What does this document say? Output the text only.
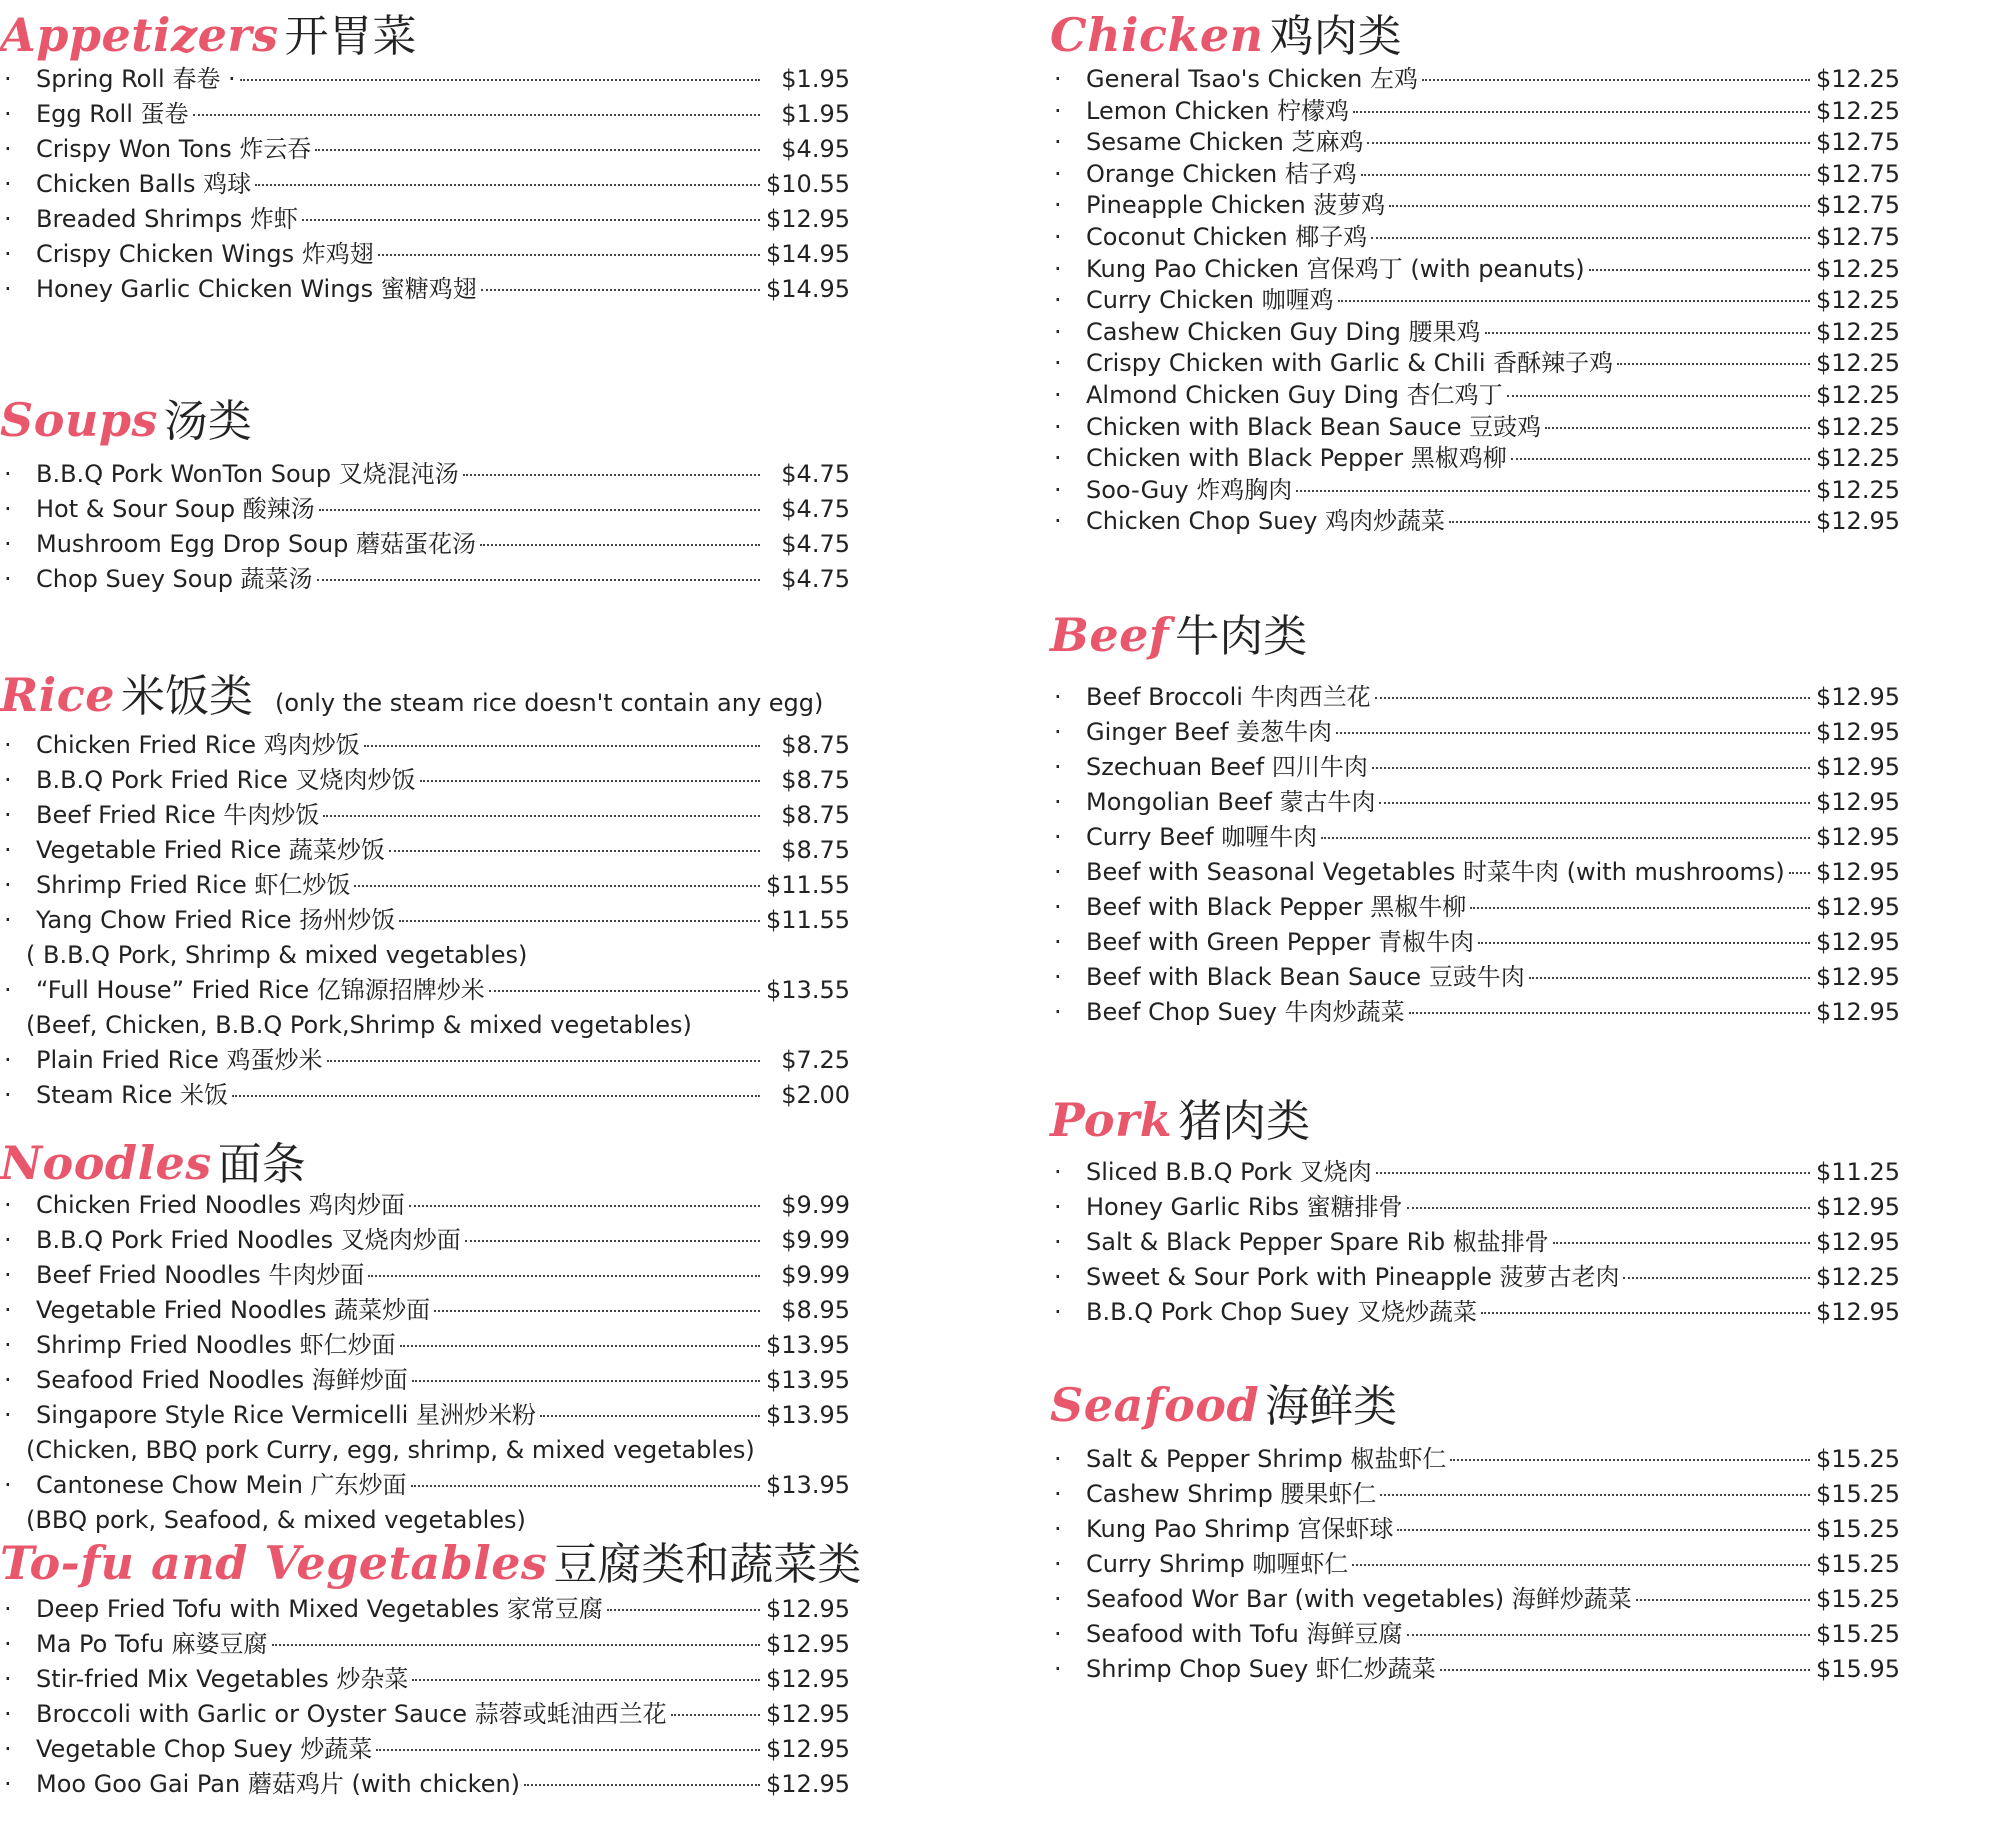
Appetizers 开胃菜
·	Spring Roll 春卷 ·	$1.95
·	Egg Roll 蛋卷	$1.95
·	Crispy Won Tons 炸云吞	$4.95
·	Chicken Balls 鸡球	$10.55
·	Breaded Shrimps 炸虾	$12.95
·	Crispy Chicken Wings 炸鸡翅	$14.95
·	Honey Garlic Chicken Wings 蜜糖鸡翅	$14.95
Soups 汤类
·	B.B.Q Pork WonTon Soup 叉烧混沌汤	$4.75
·	Hot & Sour Soup 酸辣汤	$4.75
·	Mushroom Egg Drop Soup 蘑菇蛋花汤	$4.75
·	Chop Suey Soup 蔬菜汤	$4.75
Rice 米饭类 (only the steam rice doesn't contain any egg)
·	Chicken Fried Rice 鸡肉炒饭	$8.75
·	B.B.Q Pork Fried Rice 叉烧肉炒饭	$8.75
·	Beef Fried Rice 牛肉炒饭	$8.75
·	Vegetable Fried Rice 蔬菜炒饭	$8.75
·	Shrimp Fried Rice 虾仁炒饭	$11.55
·	Yang Chow Fried Rice 扬州炒饭	$11.55
( B.B.Q Pork, Shrimp & mixed vegetables)
·	“Full House” Fried Rice 亿锦源招牌炒米	$13.55
(Beef, Chicken, B.B.Q Pork,Shrimp & mixed vegetables)
·	Plain Fried Rice 鸡蛋炒米	$7.25
·	Steam Rice 米饭	$2.00
Noodles 面条
·	Chicken Fried Noodles 鸡肉炒面	$9.99
·	B.B.Q Pork Fried Noodles 叉烧肉炒面	$9.99
·	Beef Fried Noodles 牛肉炒面	$9.99
·	Vegetable Fried Noodles 蔬菜炒面	$8.95
·	Shrimp Fried Noodles 虾仁炒面	$13.95
·	Seafood Fried Noodles 海鲜炒面	$13.95
·	Singapore Style Rice Vermicelli 星洲炒米粉	$13.95
(Chicken, BBQ pork Curry, egg, shrimp, & mixed vegetables)
·	Cantonese Chow Mein 广东炒面	$13.95
(BBQ pork, Seafood, & mixed vegetables)
To-fu and Vegetables 豆腐类和蔬菜类
·	Deep Fried Tofu with Mixed Vegetables 家常豆腐	$12.95
·	Ma Po Tofu 麻婆豆腐	$12.95
·	Stir-fried Mix Vegetables 炒杂菜	$12.95
·	Broccoli with Garlic or Oyster Sauce 蒜蓉或蚝油西兰花	$12.95
·	Vegetable Chop Suey 炒蔬菜	$12.95
·	Moo Goo Gai Pan 蘑菇鸡片 (with chicken)	$12.95
Chicken 鸡肉类
·	General Tsao's Chicken 左鸡	$12.25
·	Lemon Chicken 柠檬鸡	$12.25
·	Sesame Chicken 芝麻鸡	$12.75
·	Orange Chicken 桔子鸡	$12.75
·	Pineapple Chicken 菠萝鸡	$12.75
·	Coconut Chicken 椰子鸡	$12.75
·	Kung Pao Chicken 宫保鸡丁 (with peanuts)	$12.25
·	Curry Chicken 咖喱鸡	$12.25
·	Cashew Chicken Guy Ding 腰果鸡	$12.25
·	Crispy Chicken with Garlic & Chili 香酥辣子鸡	$12.25
·	Almond Chicken Guy Ding 杏仁鸡丁	$12.25
·	Chicken with Black Bean Sauce 豆豉鸡	$12.25
·	Chicken with Black Pepper 黑椒鸡柳	$12.25
·	Soo-Guy 炸鸡胸肉	$12.25
·	Chicken Chop Suey 鸡肉炒蔬菜	$12.95
Beef 牛肉类
·	Beef Broccoli 牛肉西兰花	$12.95
·	Ginger Beef 姜葱牛肉	$12.95
·	Szechuan Beef 四川牛肉	$12.95
·	Mongolian Beef 蒙古牛肉	$12.95
·	Curry Beef 咖喱牛肉	$12.95
·	Beef with Seasonal Vegetables 时菜牛肉 (with mushrooms) $12.95
·	Beef with Black Pepper 黑椒牛柳	$12.95
·	Beef with Green Pepper 青椒牛肉	$12.95
·	Beef with Black Bean Sauce 豆豉牛肉	$12.95
·	Beef Chop Suey 牛肉炒蔬菜	$12.95
Pork 猪肉类
·	Sliced B.B.Q Pork 叉烧肉	$11.25
·	Honey Garlic Ribs 蜜糖排骨	$12.95
·	Salt & Black Pepper Spare Rib 椒盐排骨	$12.95
·	Sweet & Sour Pork with Pineapple 菠萝古老肉	$12.25
·	B.B.Q Pork Chop Suey 叉烧炒蔬菜	$12.95
Seafood 海鲜类
·	Salt & Pepper Shrimp 椒盐虾仁	$15.25
·	Cashew Shrimp 腰果虾仁	$15.25
·	Kung Pao Shrimp 宫保虾球	$15.25
·	Curry Shrimp 咖喱虾仁	$15.25
·	Seafood Wor Bar (with vegetables) 海鲜炒蔬菜	$15.25
·	Seafood with Tofu 海鲜豆腐	$15.25
·	Shrimp Chop Suey 虾仁炒蔬菜	$15.95
